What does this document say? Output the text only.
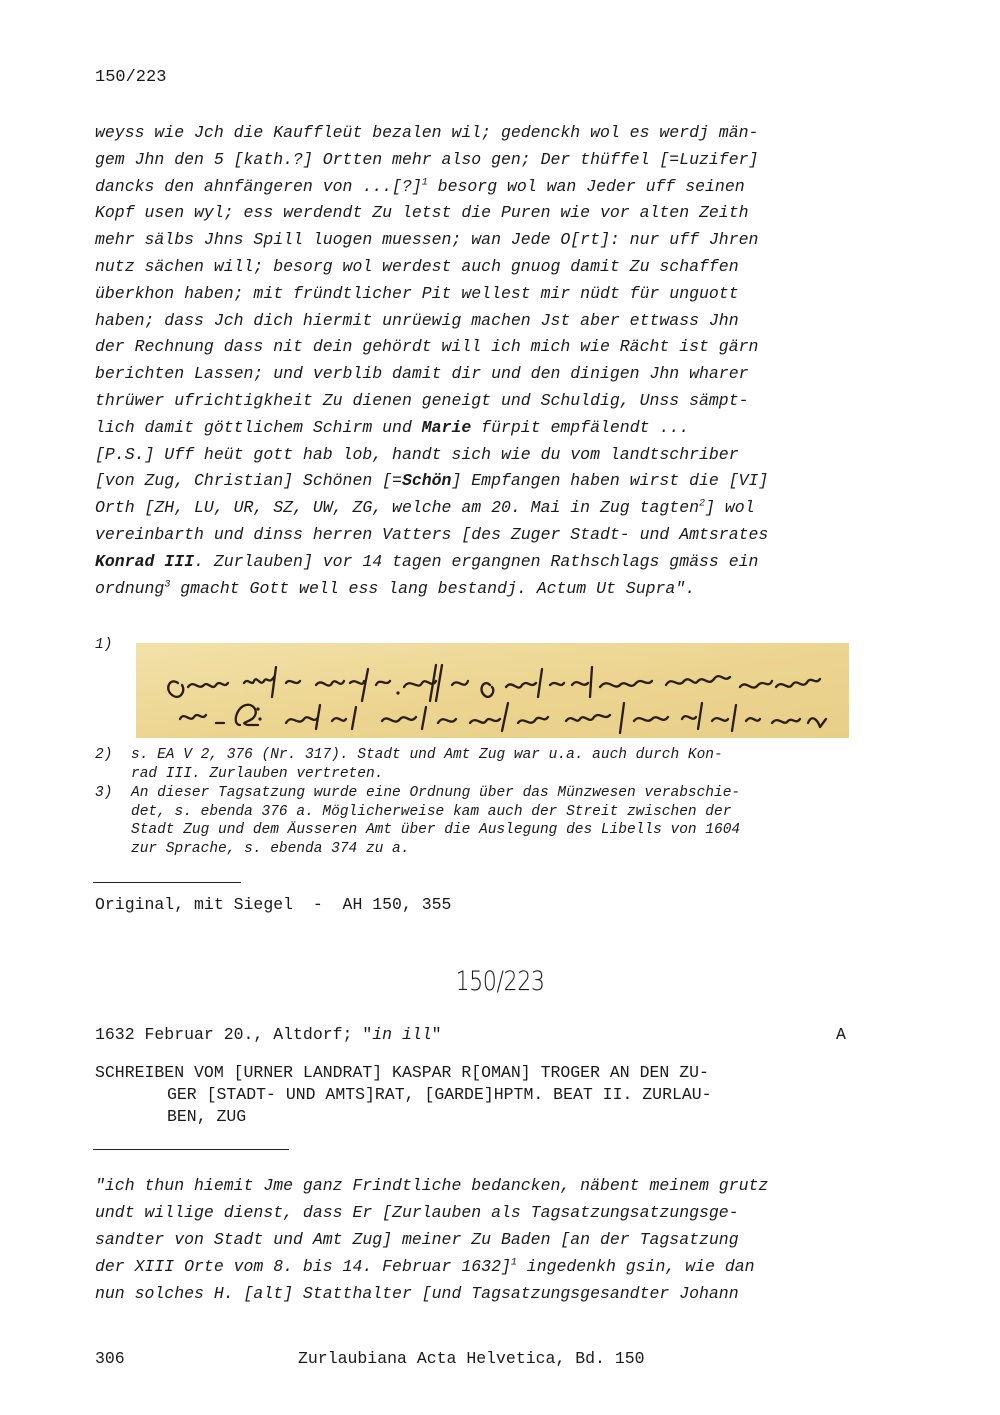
150/223
weyss wie Jch die Kauffleüt bezalen wil; gedenckh wol es werdj män-
gem Jhn den 5 [kath.?] Ortten mehr also gen; Der thüffel [=Luzifer]
dancks den ahnfängeren von ...[?]$^1$ besorg wol wan Jeder uff seinen
Kopf usen wyl; ess werdendt Zu letst die Puren wie vor alten Zeith
mehr sälbs Jhns Spill luogen muessen; wan Jede O[rt]: nur uff Jhren
nutz sächen will; besorg wol werdest auch gnuog damit Zu schaffen
überkhon haben; mit fründtlicher Pit wellest mir nüdt für unguott
haben; dass Jch dich hiermit unrüewig machen Jst aber ettwass Jhn
der Rechnung dass nit dein gehördt will ich mich wie Rächt ist gärn
berichten Lassen; und verblib damit dir und den dinigen Jhn wharer
thrüwer ufrichtigkheit Zu dienen geneigt und Schuldig, Unss sämpt-
lich damit göttlichem Schirm und Marie fürpit empfälendt ...
[P.S.] Uff heüt gott hab lob, handt sich wie du vom landtschriber
[von Zug, Christian] Schönen [=Schön] Empfangen haben wirst die [VI]
Orth [ZH, LU, UR, SZ, UW, ZG, welche am 20. Mai in Zug tagten$^2$] wol
vereinbarth und dinss herren Vatters [des Zuger Stadt- und Amtsrates
Konrad III. Zurlauben] vor 14 tagen ergangnen Rathschlags gmäss ein
ordnung$^3$ gmacht Gott well ess lang bestandj. Actum Ut Supra".
1)
2) s. EA V 2, 376 (Nr. 317). Stadt und Amt Zug war u.a. auch durch Kon-
rad III. Zurlauben vertreten.
3) An dieser Tagsatzung wurde eine Ordnung über das Münzwesen verabschie-
det, s. ebenda 376 a. Möglicherweise kam auch der Streit zwischen der
Stadt Zug und dem Äusseren Amt über die Auslegung des Libells von 1604
zur Sprache, s. ebenda 374 zu a.
Original, mit Siegel  -  AH 150, 355
150/223
1632 Februar 20., Altdorf; "in ill"	A
SCHREIBEN VOM [URNER LANDRAT] KASPAR R[OMAN] TROGER AN DEN ZU-
GER [STADT- UND AMTS]RAT, [GARDE]HPTM. BEAT II. ZURLAU-
BEN, ZUG
"ich thun hiemit Jme ganz Frindtliche bedancken, näbent meinem grutz
undt willige dienst, dass Er [Zurlauben als Tagsatzungsatzungsge-
sandter von Stadt und Amt Zug] meiner Zu Baden [an der Tagsatzung
der XIII Orte vom 8. bis 14. Februar 1632]$^1$ ingedenkh gsin, wie dan
nun solches H. [alt] Statthalter [und Tagsatzungsgesandter Johann
306	Zurlaubiana Acta Helvetica, Bd. 150
